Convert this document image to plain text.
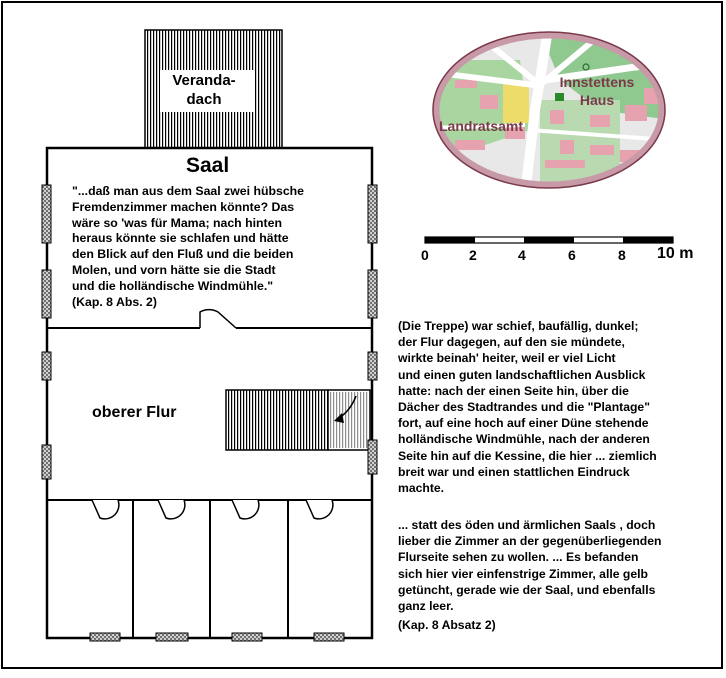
Veranda-
dach
Saal
"...daß man aus dem Saal zwei hübsche
Fremdenzimmer machen könnte? Das
wäre so 'was für Mama; nach hinten
heraus könnte sie schlafen und hätte
den Blick auf den Fluß und die beiden
Molen, und vorn hätte sie die Stadt
und die holländische Windmühle."
(Kap. 8 Abs. 2)
oberer Flur
Landratsamt
Innstettens
Haus
0	2	4	6	8 10 m
(Die Treppe) war schief, baufällig, dunkel;
der Flur dagegen, auf den sie mündete,
wirkte beinah' heiter, weil er viel Licht
und einen guten landschaftlichen Ausblick
hatte: nach der einen Seite hin, über die
Dächer des Stadtrandes und die "Plantage"
fort, auf eine hoch auf einer Düne stehende
holländische Windmühle, nach der anderen
Seite hin auf die Kessine, die hier ... ziemlich
breit war und einen stattlichen Eindruck
machte.
... statt des öden und ärmlichen Saals , doch
lieber die Zimmer an der gegenüberliegenden
Flurseite sehen zu wollen. ... Es befanden
sich hier vier einfenstrige Zimmer, alle gelb
getüncht, gerade wie der Saal, und ebenfalls
ganz leer.
(Kap. 8 Absatz 2)
